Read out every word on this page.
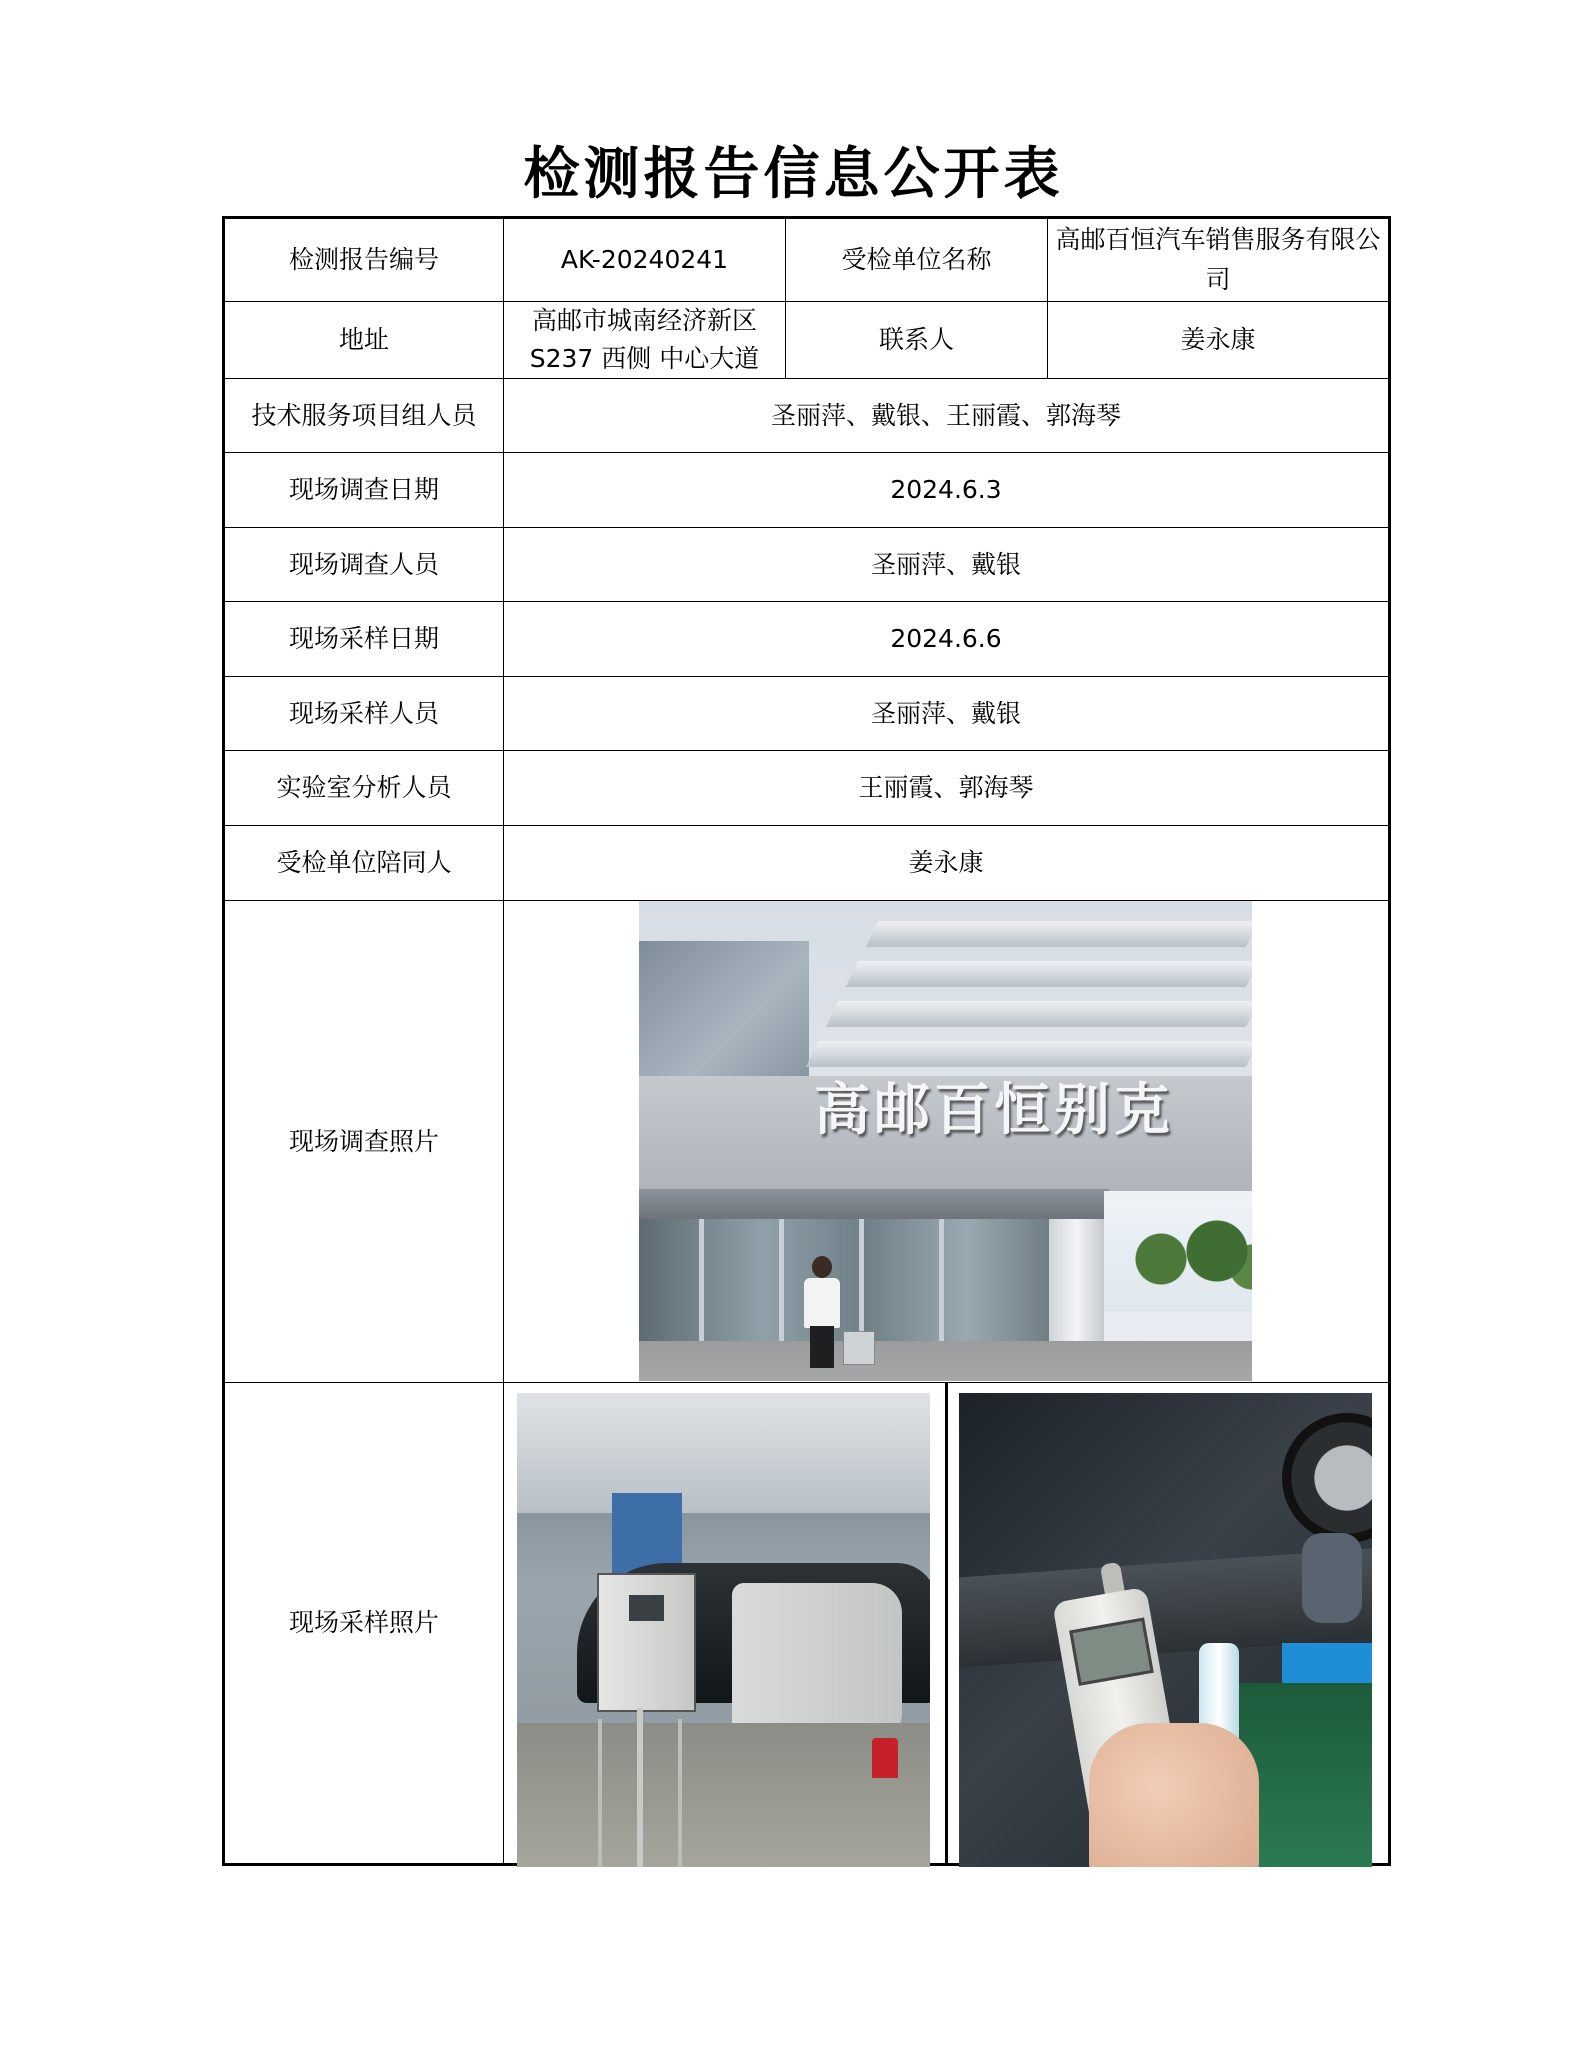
检测报告信息公开表
检测报告编号	AK-20240241	受检单位名称	高邮百恒汽车销售服务有限公司
地址	高邮市城南经济新区S237 西侧 中心大道	联系人	姜永康
技术服务项目组人员	圣丽萍、戴银、王丽霞、郭海琴		
现场调查日期	2024.6.3		
现场调查人员	圣丽萍、戴银		
现场采样日期	2024.6.6		
现场采样人员	圣丽萍、戴银		
实验室分析人员	王丽霞、郭海琴		
受检单位陪同人	姜永康		
现场调查照片	高邮百恒别克		

现场采样照片			
